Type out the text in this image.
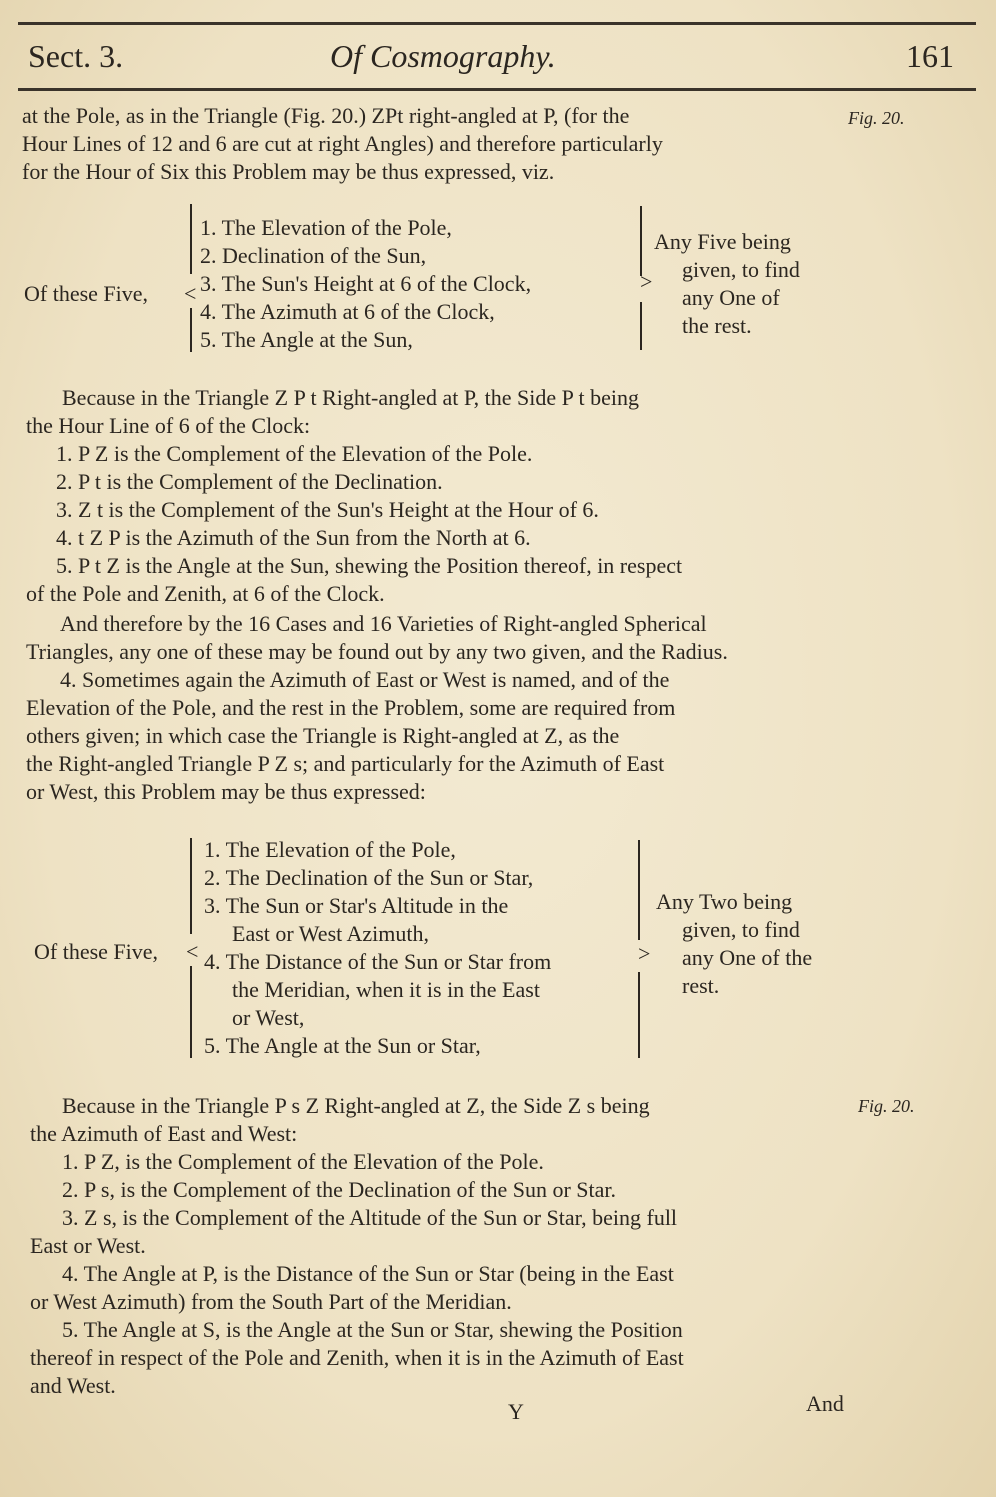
Sect. 3.	Of Cosmography.	161
at the Pole, as in the Triangle (Fig. 20.) ZPt right-angled at P, (for the
Hour Lines of 12 and 6 are cut at right Angles) and therefore particularly
for the Hour of Six this Problem may be thus expressed, viz.
Fig. 20.
Of these Five, <
1. The Elevation of the Pole,
2. Declination of the Sun,
3. The Sun's Height at 6 of the Clock,
4. The Azimuth at 6 of the Clock,
5. The Angle at the Sun,
>
Any Five being
given, to find
any One of
the rest.
Because in the Triangle Z P t Right-angled at P, the Side P t being
the Hour Line of 6 of the Clock:
1. P Z is the Complement of the Elevation of the Pole.
2. P t is the Complement of the Declination.
3. Z t is the Complement of the Sun's Height at the Hour of 6.
4. t Z P is the Azimuth of the Sun from the North at 6.
5. P t Z is the Angle at the Sun, shewing the Position thereof, in respect
of the Pole and Zenith, at 6 of the Clock.
And therefore by the 16 Cases and 16 Varieties of Right-angled Spherical
Triangles, any one of these may be found out by any two given, and the Radius.
4. Sometimes again the Azimuth of East or West is named, and of the
Elevation of the Pole, and the rest in the Problem, some are required from
others given; in which case the Triangle is Right-angled at Z, as the
the Right-angled Triangle P Z s; and particularly for the Azimuth of East
or West, this Problem may be thus expressed:
Of these Five, <
1. The Elevation of the Pole,
2. The Declination of the Sun or Star,
3. The Sun or Star's Altitude in the
East or West Azimuth,
4. The Distance of the Sun or Star from
the Meridian, when it is in the East
or West,
5. The Angle at the Sun or Star,
>
Any Two being
given, to find
any One of the
rest.
Because in the Triangle P s Z Right-angled at Z, the Side Z s being	Fig. 20.
the Azimuth of East and West:
1. P Z, is the Complement of the Elevation of the Pole.
2. P s, is the Complement of the Declination of the Sun or Star.
3. Z s, is the Complement of the Altitude of the Sun or Star, being full
East or West.
4. The Angle at P, is the Distance of the Sun or Star (being in the East
or West Azimuth) from the South Part of the Meridian.
5. The Angle at S, is the Angle at the Sun or Star, shewing the Position
thereof in respect of the Pole and Zenith, when it is in the Azimuth of East
and West.
Y	And
